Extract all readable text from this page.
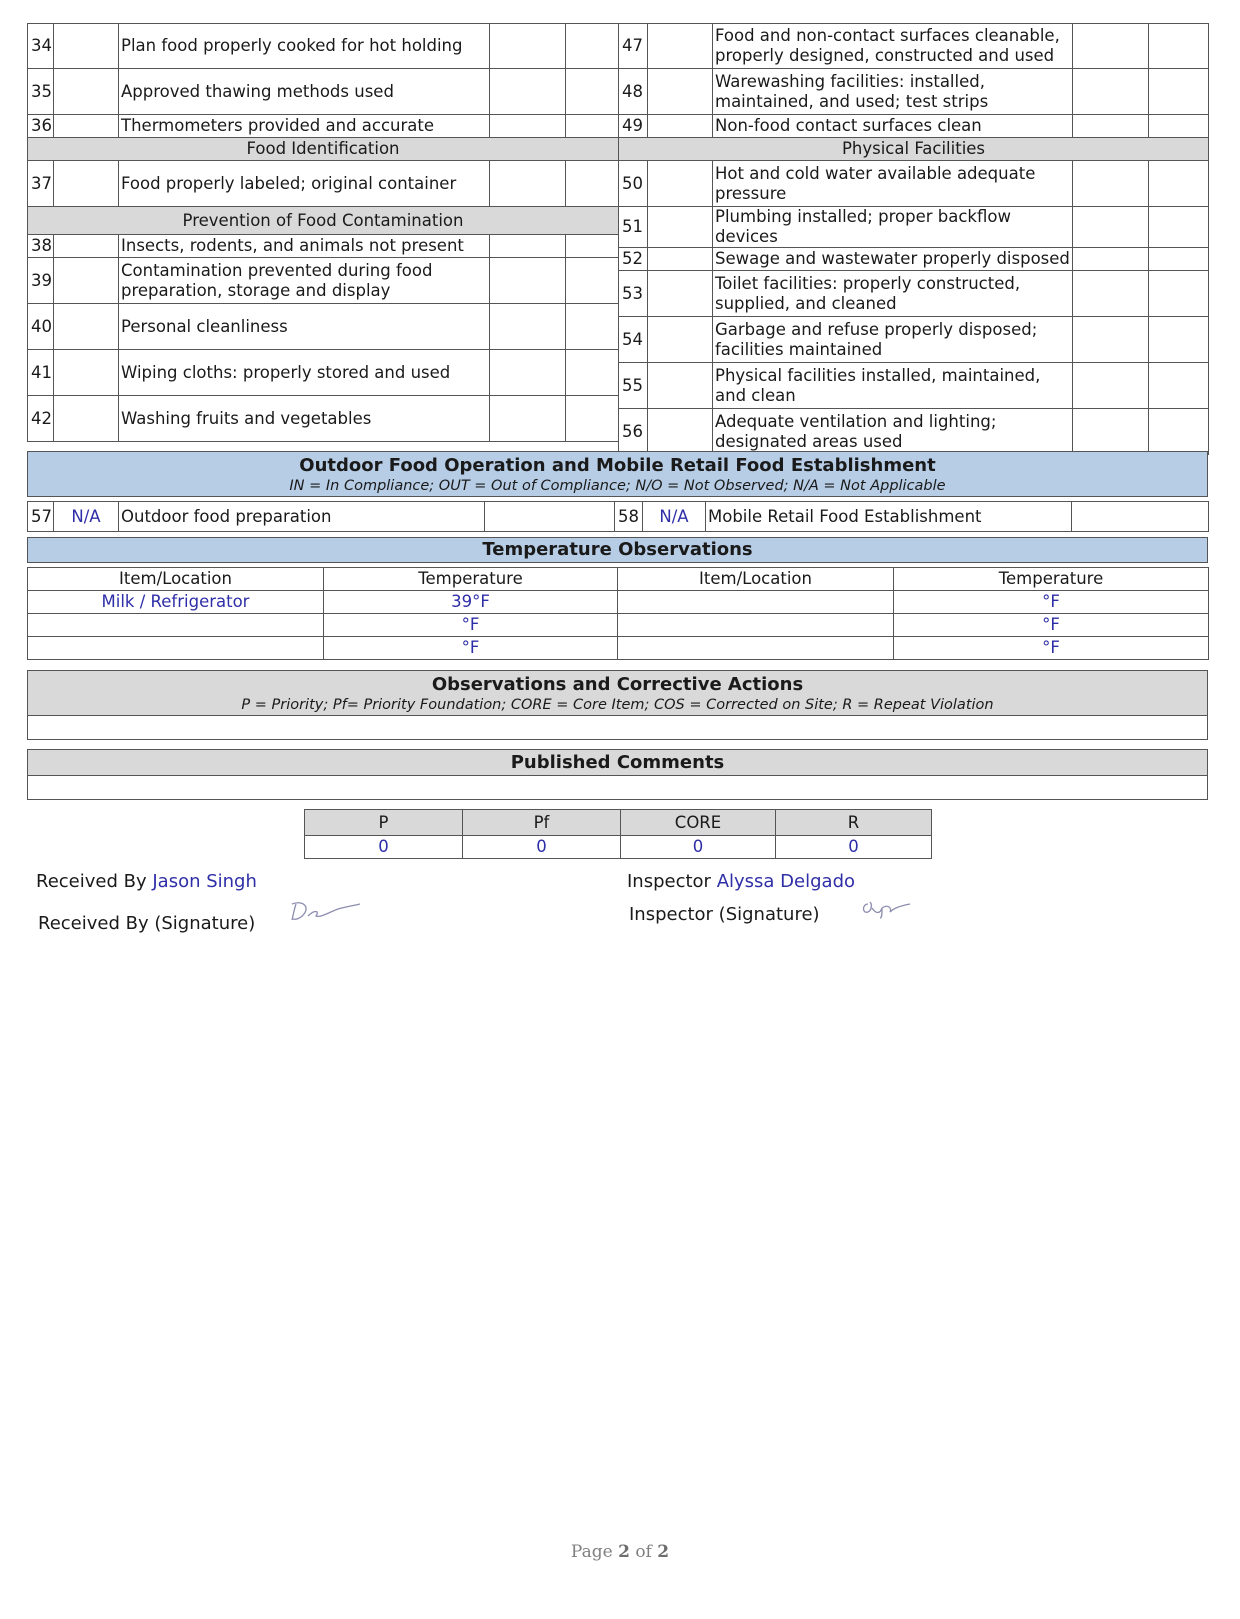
34		Plan food properly cooked for hot holding		
35		Approved thawing methods used		
36		Thermometers provided and accurate		
Food Identification				
37		Food properly labeled; original container		
Prevention of Food Contamination				
38		Insects, rodents, and animals not present		
39		Contamination prevented during food preparation, storage and display		
40		Personal cleanliness		
41		Wiping cloths: properly stored and used		
42		Washing fruits and vegetables		
47		Food and non-contact surfaces cleanable, properly designed, constructed and used		
48		Warewashing facilities: installed, maintained, and used; test strips		
49		Non-food contact surfaces clean		
Physical Facilities				
50		Hot and cold water available adequate pressure		
51		Plumbing installed; proper backflow devices		
52		Sewage and wastewater properly disposed		
53		Toilet facilities: properly constructed, supplied, and cleaned		
54		Garbage and refuse properly disposed; facilities maintained		
55		Physical facilities installed, maintained, and clean		
56		Adequate ventilation and lighting; designated areas used		
Outdoor Food Operation and Mobile Retail Food Establishment
IN = In Compliance; OUT = Out of Compliance; N/O = Not Observed; N/A = Not Applicable
57	N/A	Outdoor food preparation		58	N/A	Mobile Retail Food Establishment	
Temperature Observations
Item/Location	Temperature	Item/Location	Temperature
Milk / Refrigerator	39°F		°F
	°F		°F
	°F		°F
Observations and Corrective Actions
P = Priority; Pf= Priority Foundation; CORE = Core Item; COS = Corrected on Site; R = Repeat Violation
Published Comments
P	Pf	CORE	R
0	0	0	0
Received By Jason Singh
Received By (Signature)
Inspector Alyssa Delgado
Inspector (Signature)
Page 2 of 2
